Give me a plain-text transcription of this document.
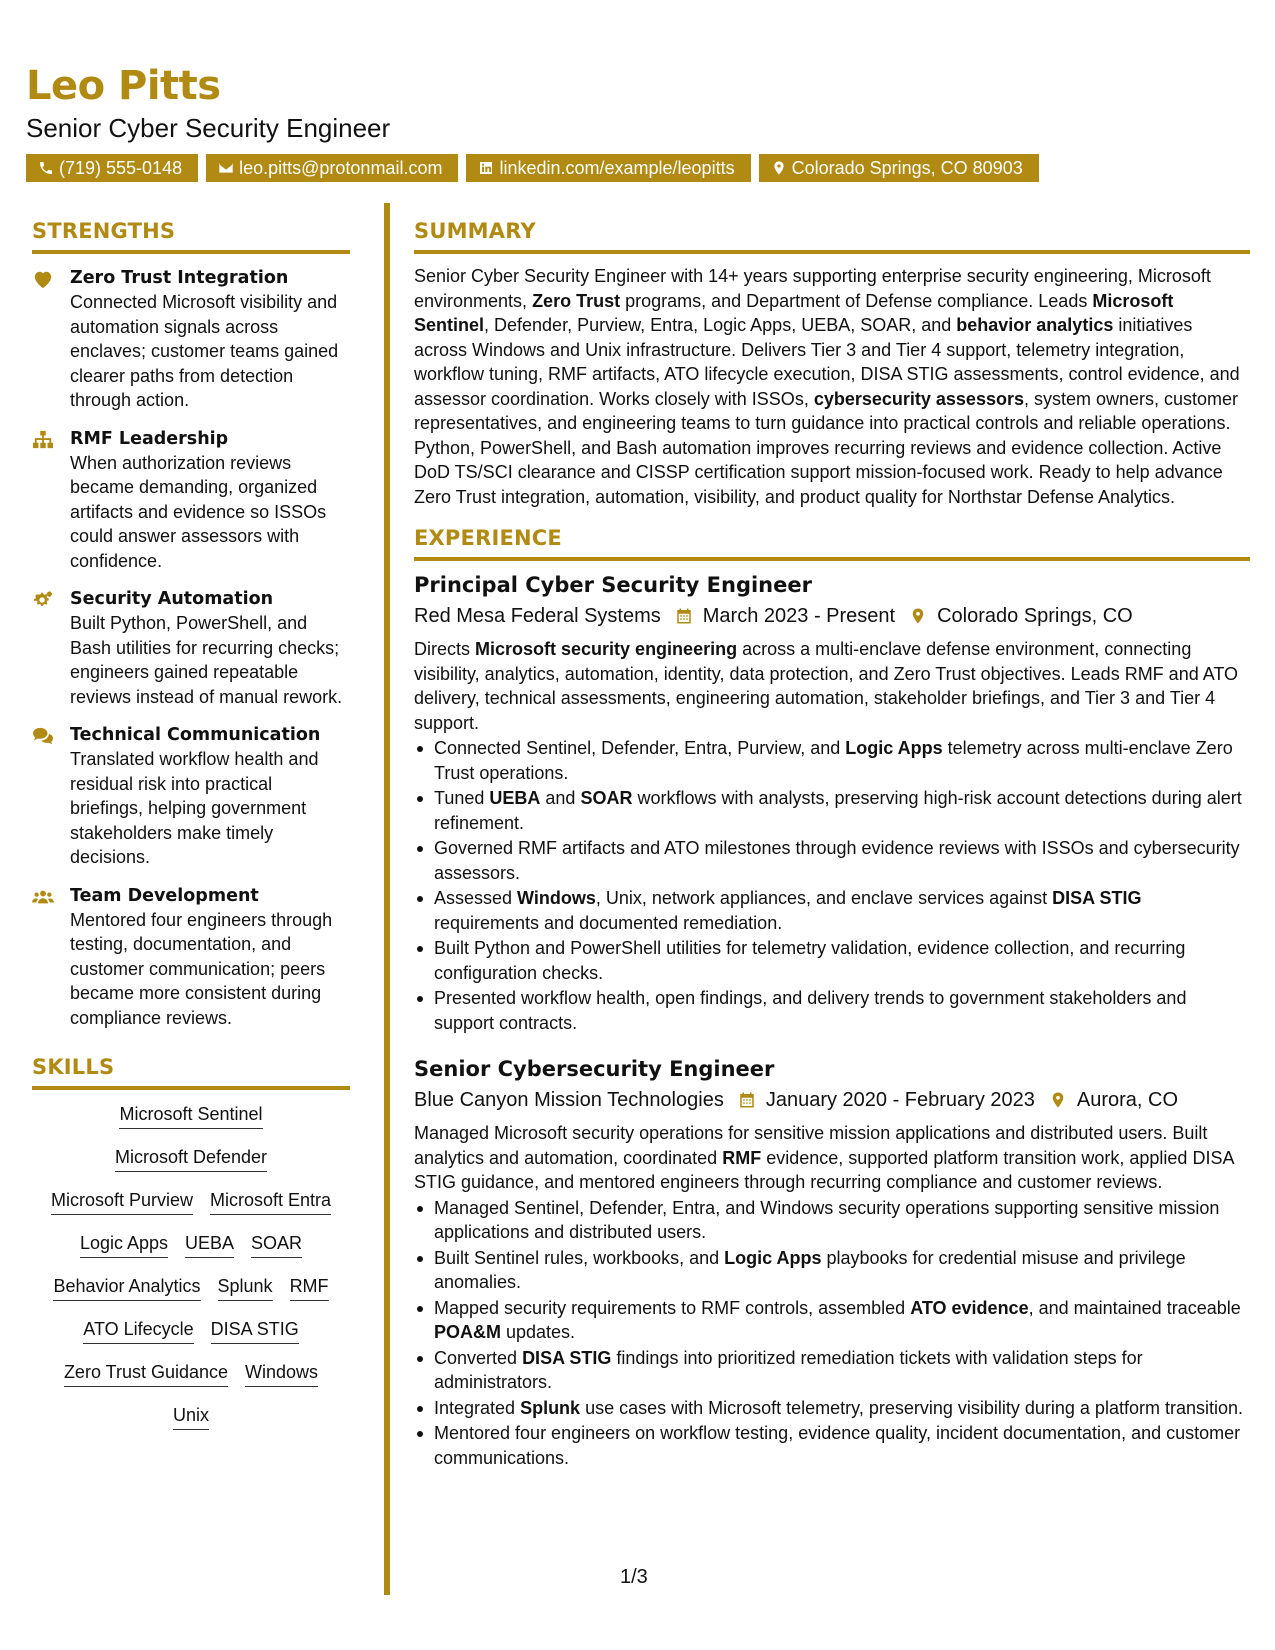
Leo Pitts
Senior Cyber Security Engineer
(719) 555-0148	leo.pitts@protonmail.com	linkedin.com/example/leopitts	Colorado Springs, CO 80903
STRENGTHS
Zero Trust Integration
Connected Microsoft visibility and automation signals across enclaves; customer teams gained clearer paths from detection through action.
RMF Leadership
When authorization reviews became demanding, organized artifacts and evidence so ISSOs could answer assessors with confidence.
Security Automation
Built Python, PowerShell, and Bash utilities for recurring checks; engineers gained repeatable reviews instead of manual rework.
Technical Communication
Translated workflow health and residual risk into practical briefings, helping government stakeholders make timely decisions.
Team Development
Mentored four engineers through testing, documentation, and customer communication; peers became more consistent during compliance reviews.
SKILLS
Microsoft Sentinel
Microsoft Defender
Microsoft Purview Microsoft Entra
Logic Apps UEBA SOAR
Behavior Analytics Splunk RMF
ATO Lifecycle DISA STIG
Zero Trust Guidance Windows
Unix
SUMMARY
Senior Cyber Security Engineer with 14+ years supporting enterprise security engineering, Microsoft environments, Zero Trust programs, and Department of Defense compliance. Leads Microsoft Sentinel, Defender, Purview, Entra, Logic Apps, UEBA, SOAR, and behavior analytics initiatives across Windows and Unix infrastructure. Delivers Tier 3 and Tier 4 support, telemetry integration, workflow tuning, RMF artifacts, ATO lifecycle execution, DISA STIG assessments, control evidence, and assessor coordination. Works closely with ISSOs, cybersecurity assessors, system owners, customer representatives, and engineering teams to turn guidance into practical controls and reliable operations. Python, PowerShell, and Bash automation improves recurring reviews and evidence collection. Active DoD TS/SCI clearance and CISSP certification support mission-focused work. Ready to help advance Zero Trust integration, automation, visibility, and product quality for Northstar Defense Analytics.
EXPERIENCE
Principal Cyber Security Engineer
Red Mesa Federal Systems March 2023 - Present Colorado Springs, CO
Directs Microsoft security engineering across a multi-enclave defense environment, connecting visibility, analytics, automation, identity, data protection, and Zero Trust objectives. Leads RMF and ATO delivery, technical assessments, engineering automation, stakeholder briefings, and Tier 3 and Tier 4 support.
Connected Sentinel, Defender, Entra, Purview, and Logic Apps telemetry across multi-enclave Zero Trust operations.
Tuned UEBA and SOAR workflows with analysts, preserving high-risk account detections during alert refinement.
Governed RMF artifacts and ATO milestones through evidence reviews with ISSOs and cybersecurity assessors.
Assessed Windows, Unix, network appliances, and enclave services against DISA STIG requirements and documented remediation.
Built Python and PowerShell utilities for telemetry validation, evidence collection, and recurring configuration checks.
Presented workflow health, open findings, and delivery trends to government stakeholders and support contracts.
Senior Cybersecurity Engineer
Blue Canyon Mission Technologies January 2020 - February 2023 Aurora, CO
Managed Microsoft security operations for sensitive mission applications and distributed users. Built analytics and automation, coordinated RMF evidence, supported platform transition work, applied DISA STIG guidance, and mentored engineers through recurring compliance and customer reviews.
Managed Sentinel, Defender, Entra, and Windows security operations supporting sensitive mission applications and distributed users.
Built Sentinel rules, workbooks, and Logic Apps playbooks for credential misuse and privilege anomalies.
Mapped security requirements to RMF controls, assembled ATO evidence, and maintained traceable POA&M updates.
Converted DISA STIG findings into prioritized remediation tickets with validation steps for administrators.
Integrated Splunk use cases with Microsoft telemetry, preserving visibility during a platform transition.
Mentored four engineers on workflow testing, evidence quality, incident documentation, and customer communications.
1/3
